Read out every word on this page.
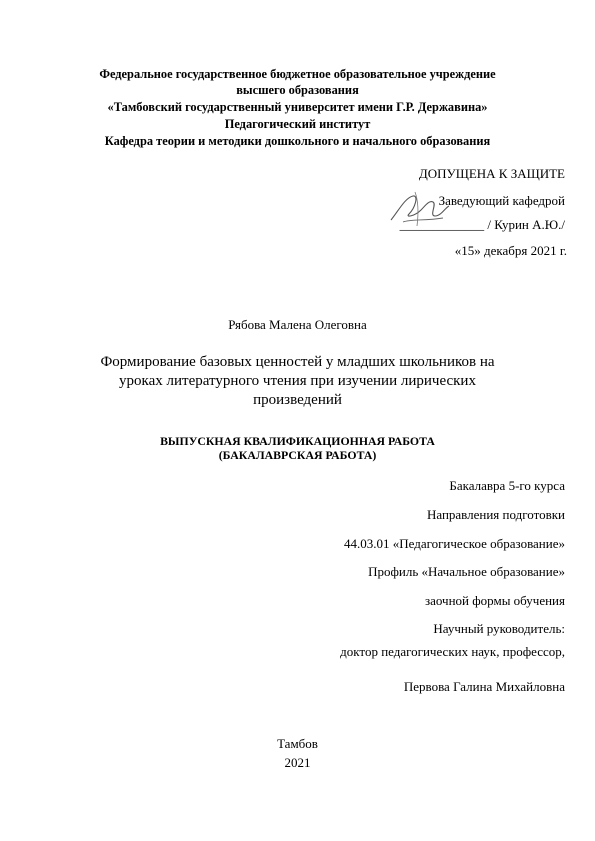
Федеральное государственное бюджетное образовательное учреждение
высшего образования
«Тамбовский государственный университет имени Г.Р. Державина»
Педагогический институт
Кафедра теории и методики дошкольного и начального образования
ДОПУЩЕНА К ЗАЩИТЕ
Заведующий кафедрой
_____________ / Курин А.Ю./
«15» декабря 2021 г.
Рябова Малена Олеговна
Формирование базовых ценностей у младших школьников на
уроках литературного чтения при изучении лирических
произведений
ВЫПУСКНАЯ КВАЛИФИКАЦИОННАЯ РАБОТА
(БАКАЛАВРСКАЯ РАБОТА)
Бакалавра 5-го курса
Направления подготовки
44.03.01 «Педагогическое образование»
Профиль «Начальное образование»
заочной формы обучения
Научный руководитель:
доктор педагогических наук, профессор,
Первова Галина Михайловна
Тамбов
2021
